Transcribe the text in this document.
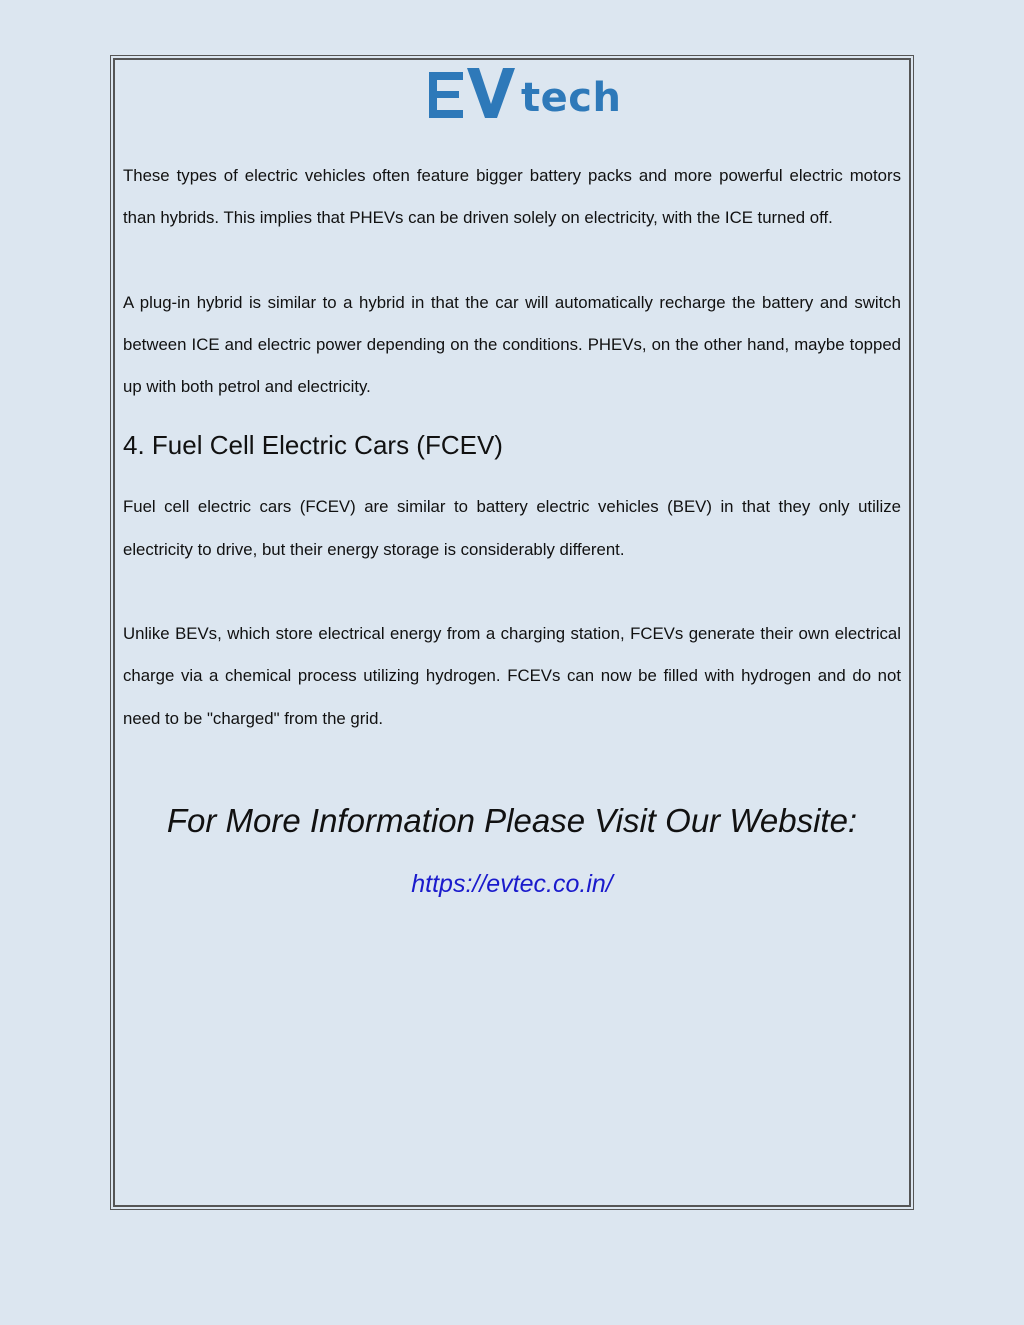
tech

These types of electric vehicles often feature bigger battery packs and more powerful electric motors than hybrids. This implies that PHEVs can be driven solely on electricity, with the ICE turned off.

A plug-in hybrid is similar to a hybrid in that the car will automatically recharge the battery and switch between ICE and electric power depending on the conditions. PHEVs, on the other hand, maybe topped up with both petrol and electricity.

4. Fuel Cell Electric Cars (FCEV)

Fuel cell electric cars (FCEV) are similar to battery electric vehicles (BEV) in that they only utilize electricity to drive, but their energy storage is considerably different.

Unlike BEVs, which store electrical energy from a charging station, FCEVs generate their own electrical charge via a chemical process utilizing hydrogen. FCEVs can now be filled with hydrogen and do not need to be "charged" from the grid.

For More Information Please Visit Our Website:
https://evtec.co.in/
